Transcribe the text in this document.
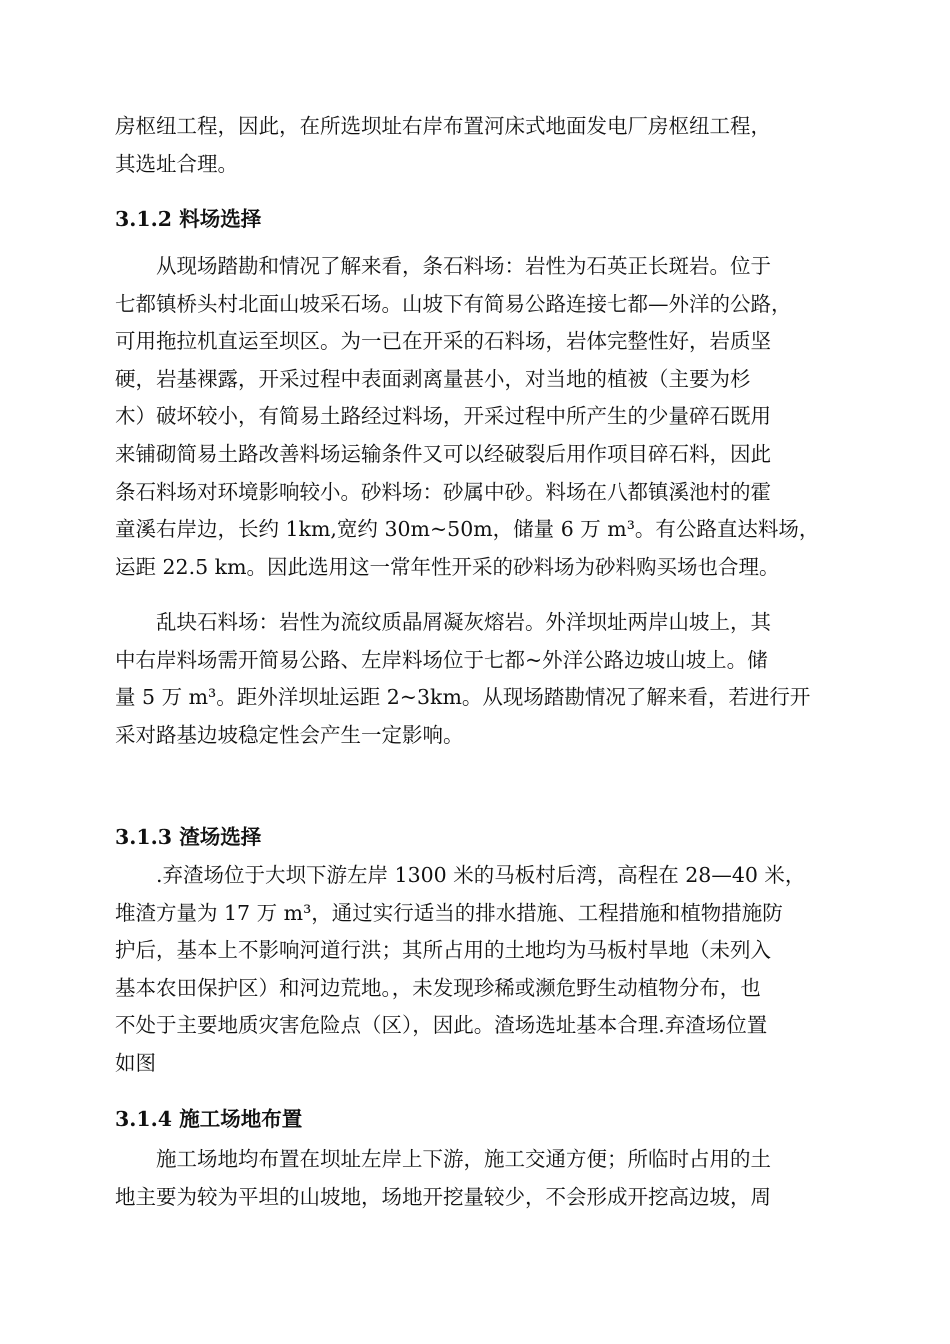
房枢纽工程，因此，在所选坝址右岸布置河床式地面发电厂房枢纽工程，
其选址合理。
3.1.2 料场选择
从现场踏勘和情况了解来看，条石料场：岩性为石英正长斑岩。位于
七都镇桥头村北面山坡采石场。山坡下有简易公路连接七都—外洋的公路，
可用拖拉机直运至坝区。为一已在开采的石料场，岩体完整性好，岩质坚
硬，岩基裸露，开采过程中表面剥离量甚小，对当地的植被（主要为杉
木）破坏较小，有简易土路经过料场，开采过程中所产生的少量碎石既用
来铺砌简易土路改善料场运输条件又可以经破裂后用作项目碎石料，因此
条石料场对环境影响较小。砂料场：砂属中砂。料场在八都镇溪池村的霍
童溪右岸边，长约 1km,宽约 30m~50m，储量 6 万 m³。有公路直达料场，
运距 22.5 km。因此选用这一常年性开采的砂料场为砂料购买场也合理。
乱块石料场：岩性为流纹质晶屑凝灰熔岩。外洋坝址两岸山坡上，其
中右岸料场需开简易公路、左岸料场位于七都~外洋公路边坡山坡上。储
量 5 万 m³。距外洋坝址运距 2~3km。从现场踏勘情况了解来看，若进行开
采对路基边坡稳定性会产生一定影响。
3.1.3 渣场选择
.弃渣场位于大坝下游左岸 1300 米的马板村后湾，高程在 28—40 米，
堆渣方量为 17 万 m³，通过实行适当的排水措施、工程措施和植物措施防
护后，基本上不影响河道行洪；其所占用的土地均为马板村旱地（未列入
基本农田保护区）和河边荒地。，未发现珍稀或濒危野生动植物分布，也
不处于主要地质灾害危险点（区），因此。渣场选址基本合理.弃渣场位置
如图
3.1.4 施工场地布置
施工场地均布置在坝址左岸上下游，施工交通方便；所临时占用的土
地主要为较为平坦的山坡地，场地开挖量较少，不会形成开挖高边坡，周
